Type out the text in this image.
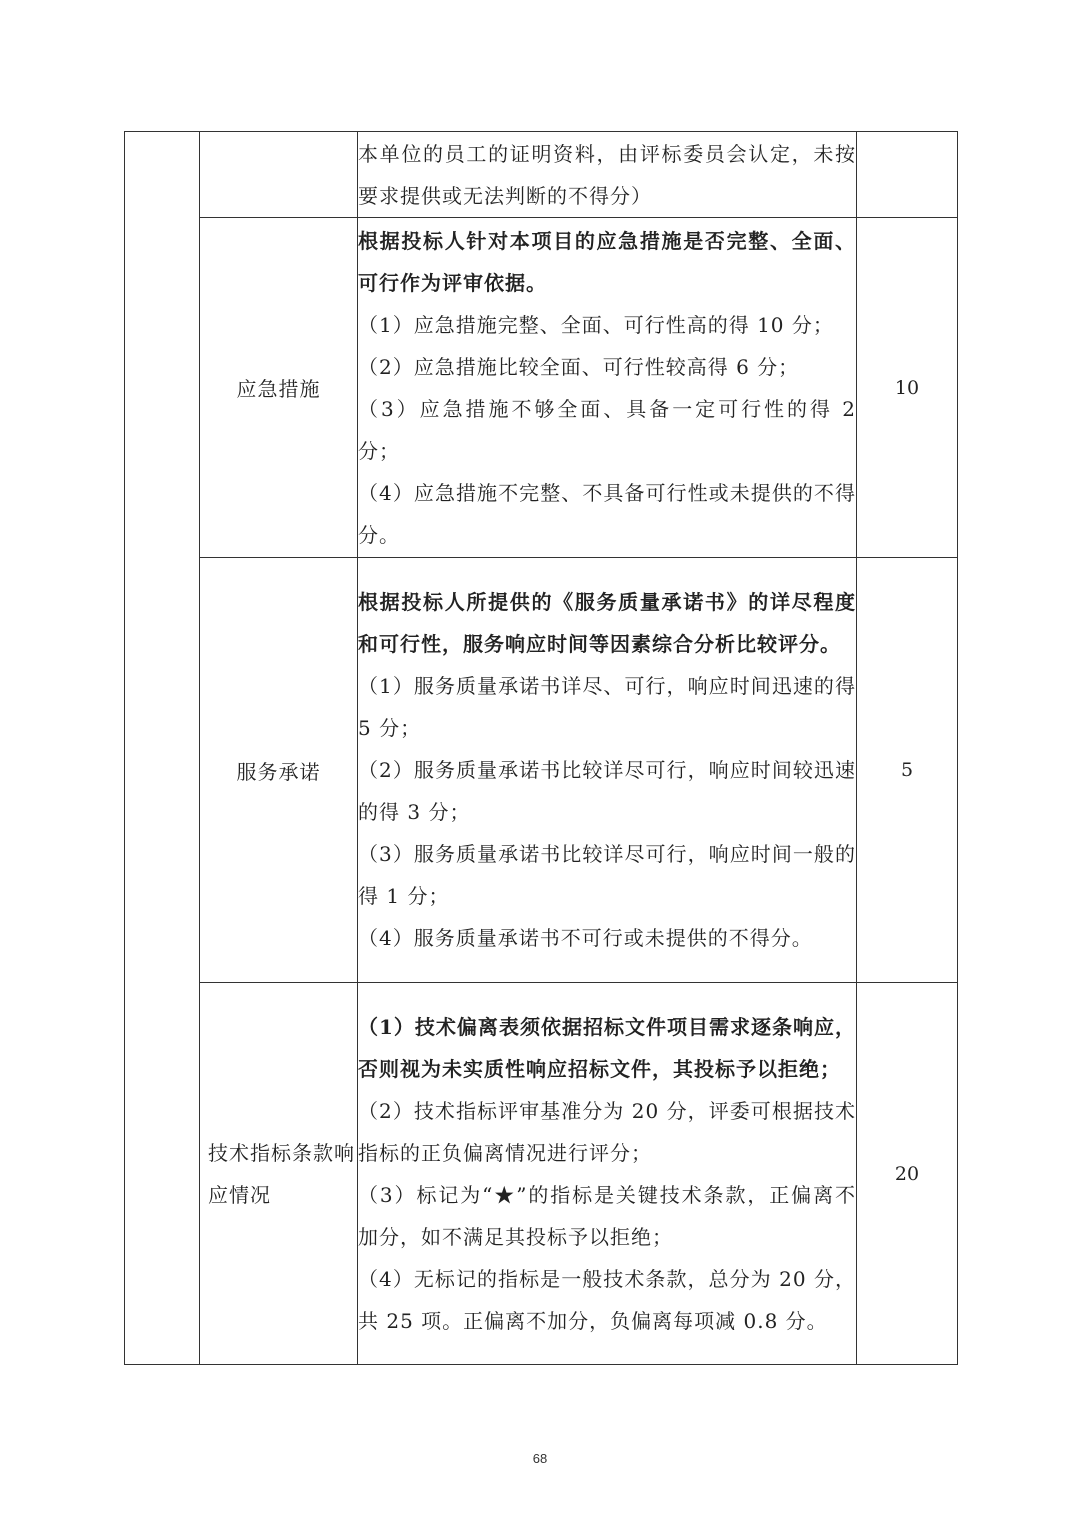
		本单位的员工的证明资料，由评标委员会认定，未按要求提供或无法判断的不得分）	

	应急措施	根据投标人针对本项目的应急措施是否完整、全面、可行作为评审依据。

（1）应急措施完整、全面、可行性高的得 10 分；

（2）应急措施比较全面、可行性较高得 6 分；

（3）应急措施不够全面、具备一定可行性的得 2 分；

（4）应急措施不完整、不具备可行性或未提供的不得分。	10
	服务承诺	根据投标人所提供的《服务质量承诺书》的详尽程度和可行性，服务响应时间等因素综合分析比较评分。

（1）服务质量承诺书详尽、可行，响应时间迅速的得 5 分；

（2）服务质量承诺书比较详尽可行，响应时间较迅速的得 3 分；

（3）服务质量承诺书比较详尽可行，响应时间一般的得 1 分；

（4）服务质量承诺书不可行或未提供的不得分。	5
	技术指标条款响应情况	（1）技术偏离表须依据招标文件项目需求逐条响应，否则视为未实质性响应招标文件，其投标予以拒绝；

（2）技术指标评审基准分为 20 分，评委可根据技术指标的正负偏离情况进行评分；

（3）标记为“★”的指标是关键技术条款，正偏离不加分，如不满足其投标予以拒绝；

（4）无标记的指标是一般技术条款，总分为 20 分，共 25 项。正偏离不加分，负偏离每项减 0.8 分。	20
68
